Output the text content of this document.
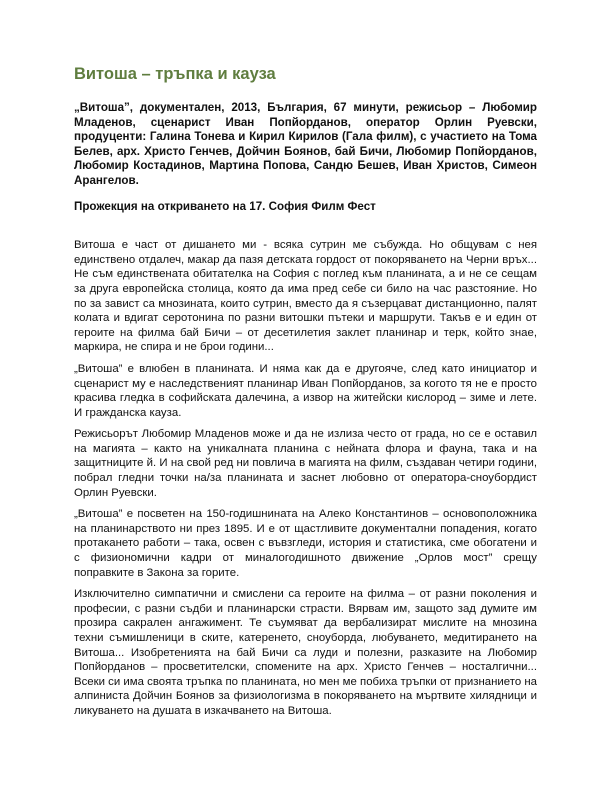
Витоша – тръпка и кауза

„Витоша”, документален, 2013, България, 67 минути, режисьор – Любомир Младенов, сценарист Иван Попйорданов, оператор Орлин Руевски, продуценти: Галина Тонева и Кирил Кирилов (Гала филм), с участието на Тома Белев, арх. Христо Генчев, Дойчин Боянов, бай Бичи, Любомир Попйорданов, Любомир Костадинов, Мартина Попова, Сандю Бешев, Иван Христов, Симеон Арангелов.

Прожекция на откриването на 17. София Филм Фест

Витоша е част от дишането ми - всяка сутрин ме събужда. Но общувам с нея единствено отдалеч, макар да пазя детската гордост от покоряването на Черни връх... Не съм единствената обитателка на София с поглед към планината, а и не се сещам за друга европейска столица, която да има пред себе си било на час разстояние. Но по за завист са мнозината, които сутрин, вместо да я съзерцават дистанционно, палят колата и вдигат серотонина по разни витошки пътеки и маршрути. Такъв е и един от героите на филма бай Бичи – от десетилетия заклет планинар и терк, който знае, маркира, не спира и не брои години...

„Витоша” е влюбен в планината. И няма как да е другояче, след като инициатор и сценарист му е наследственият планинар Иван Попйорданов, за когото тя не е просто красива гледка в софийската далечина, а извор на житейски кислород – зиме и лете. И гражданска кауза.

Режисьорът Любомир Младенов може и да не излиза често от града, но се е оставил на магията – както на уникалната планина с нейната флора и фауна, така и на защитниците й. И на свой ред ни повлича в магията на филм, създаван четири години, побрал гледни точки на/за планината и заснет любовно от оператора-сноубордист Орлин Руевски.

„Витоша” е посветен на 150-годишнината на Алеко Константинов – основоположника на планинарството ни през 1895. И е от щастливите документални попадения, когато протакането работи – така, освен с въвзгледи, история и статистика, сме обогатени и с физиономични кадри от миналогодишното движение „Орлов мост” срещу поправките в Закона за горите.

Изключително симпатични и смислени са героите на филма – от разни поколения и професии, с разни съдби и планинарски страсти. Вярвам им, защото зад думите им прозира сакрален ангажимент. Те съумяват да вербализират мислите на мнозина техни съмишленици в ските, катеренето, сноуборда, любуването, медитирането на Витоша... Изобретенията на бай Бичи са луди и полезни, разказите на Любомир Попйорданов – просветителски, спомените на арх. Христо Генчев – носталгични... Всеки си има своята тръпка по планината, но мен ме побиха тръпки от признанието на алпиниста Дойчин Боянов за физиологизма в покоряването на мъртвите хилядници и ликуването на душата в изкачването на Витоша.
